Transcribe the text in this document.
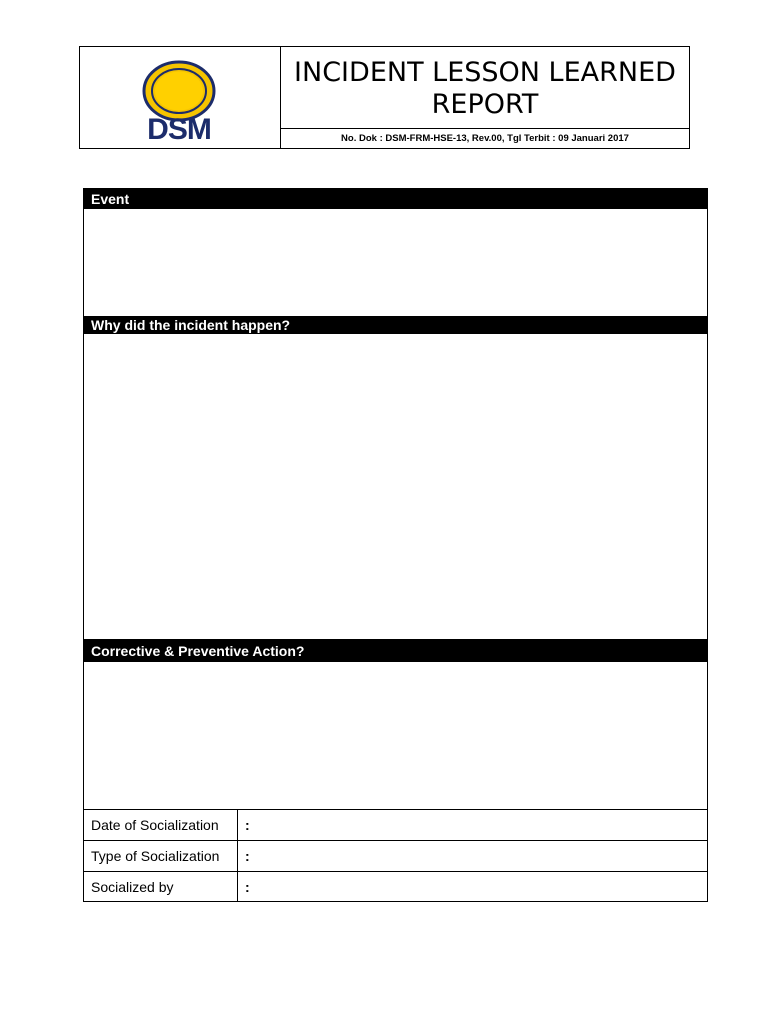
DSM
INCIDENT LESSON LEARNED REPORT
No. Dok : DSM-FRM-HSE-13, Rev.00, Tgl Terbit : 09 Januari 2017
Event
Why did the incident happen?
Corrective & Preventive Action?
Date of Socialization	:
Type of Socialization	:
Socialized by	:
